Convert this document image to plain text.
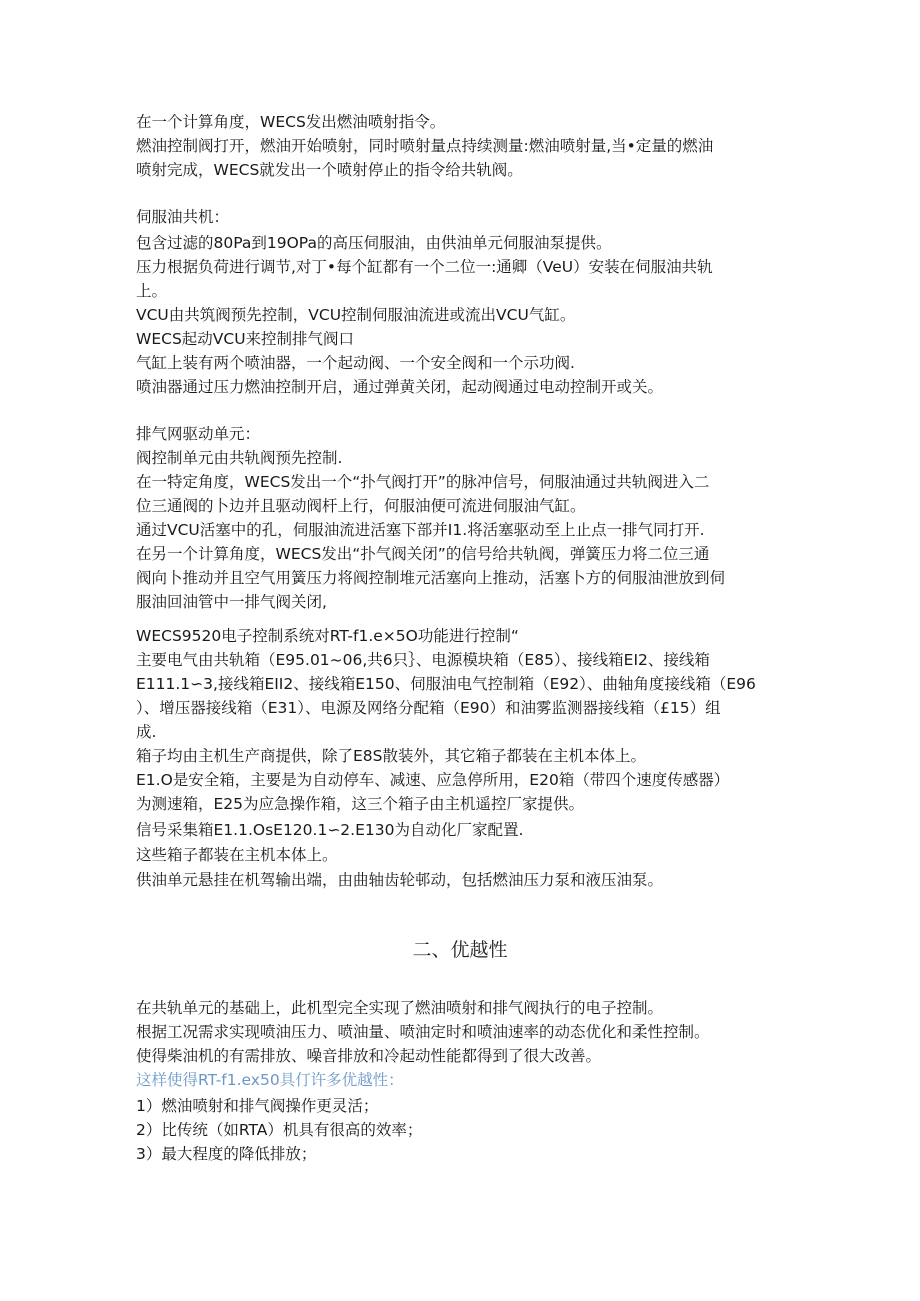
在一个计算角度，WECS发出燃油喷射指令。
燃油控制阀打开，燃油开始喷射，同时喷射量点持续测量:燃油喷射量,当•定量的燃油
喷射完成，WECS就发出一个喷射停止的指令给共轨阀。
伺服油共机：
包含过滤的80Pa到19OPa的高压伺服油，由供油单元伺服油泵提供。
压力根据负荷进行调节,对丁•每个缸都有一个二位一:通卿（VeU）安装在伺服油共轨
上。
VCU由共筑阀预先控制，VCU控制伺服油流进或流出VCU气缸。
WECS起动VCU来控制排气阀口
气缸上装有两个喷油器，一个起动阀、一个安全阀和一个示功阀.
喷油器通过压力燃油控制开启，通过弹黄关闭，起动阀通过电动控制开或关。
排气网驱动单元：
阀控制单元由共轨阀预先控制.
在一特定角度，WECS发出一个“扑气阀打开”的脉冲信号，伺服油通过共轨阀进入二
位三通阀的卜边并且驱动阀杆上行，何服油便可流进伺服油气缸。
通过VCU活塞中的孔，伺服油流进活塞下部并I1.将活塞驱动至上止点一排气同打开.
在另一个计算角度，WECS发出“扑气阀关闭”的信号给共轨阀，弹簧压力将二位三通
阀向卜推动并且空气用簧压力将阀控制堆元活塞向上推动，活塞卜方的伺服油泄放到伺
服油回油管中一排气阀关闭,
WECS9520电子控制系统对RT-f1.e×5O功能进行控制“
主要电气由共轨箱（E95.01~06,共6只｝、电源模块箱（E85）、接线箱EI2、接线箱
E111.1∽3,接线箱EII2、接线箱E150、伺服油电气控制箱（E92）、曲轴角度接线箱（E96
）、增压器接线箱（E31）、电源及网络分配箱（E90）和油雾监测器接线箱（£15）组
成.
箱子均由主机生产商提供，除了E8S散装外，其它箱子都装在主机本体上。
E1.O是安全箱，主要是为自动停车、减速、应急停所用，E20箱（带四个速度传感器）
为测速箱，E25为应急操作箱，这三个箱子由主机遥控厂家提供。
信号采集箱E1.1.OsE120.1∽2.E130为自动化厂家配置.
这些箱子都装在主机本体上。
供油单元悬挂在机驾输出端，由曲轴齿轮邨动，包括燃油压力泵和液压油泵。
二、优越性
在共轨单元的基础上，此机型完全实现了燃油喷射和排气阀执行的电子控制。
根据工况需求实现喷油压力、喷油量、喷油定时和喷油速率的动态优化和柔性控制。
使得柴油机的有需排放、噪音排放和冷起动性能都得到了很大改善。
这样使得RT-f1.ex50具仃许多优越性：
1）燃油喷射和排气阀操作更灵活；
2）比传统（如RTA）机具有很高的效率；
3）最大程度的降低排放；
